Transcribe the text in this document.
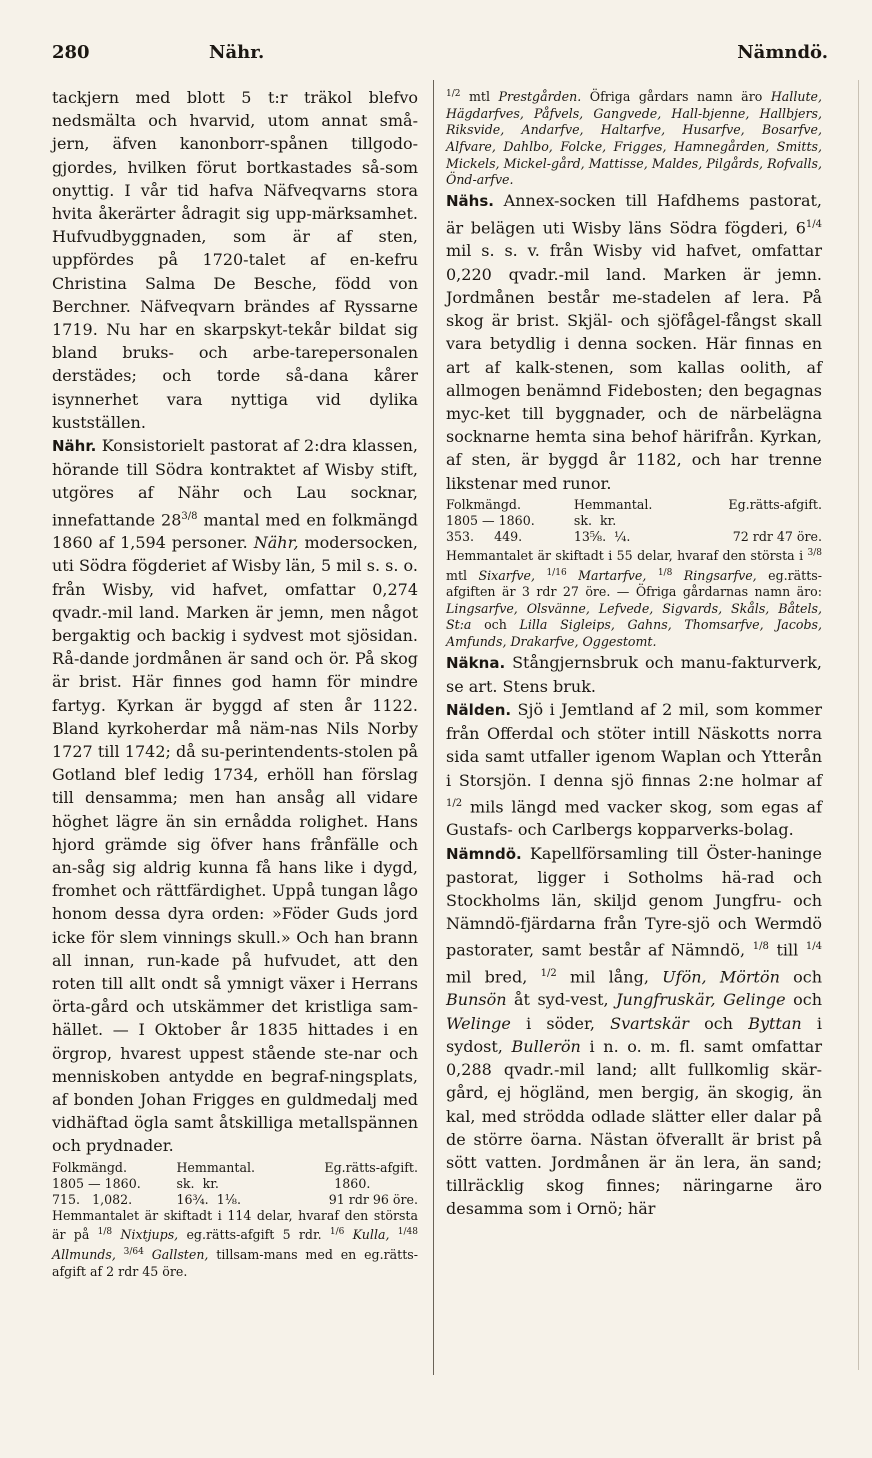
280	Nähr.	Nämndö.

tackjern med blott 5 t:r träkol blefvo nedsmälta och hvarvid, utom annat små-jern, äfven kanonborr-spånen tillgodo-gjordes, hvilken förut bortkastades så-som onyttig. I vår tid hafva Näfveqvarns stora hvita åkerärter ådragit sig upp-märksamhet. Hufvudbyggnaden, som är af sten, uppfördes på 1720-talet af en-kefru Christina Salma De Besche, född von Berchner. Näfveqvarn brändes af Ryssarne 1719. Nu har en skarpskyt-tekår bildat sig bland bruks- och arbe-tarepersonalen derstädes; och torde så-dana kårer isynnerhet vara nyttiga vid dylika kustställen.

Nähr. Konsistorielt pastorat af 2:dra klassen, hörande till Södra kontraktet af Wisby stift, utgöres af Nähr och Lau socknar, innefattande $28^{3/8}$ mantal med en folkmängd 1860 af 1,594 personer. Nähr, modersocken, uti Södra fögderiet af Wisby län, 5 mil s. s. o. från Wisby, vid hafvet, omfattar 0,274 qvadr.-mil land. Marken är jemn, men något bergaktig och backig i sydvest mot sjösidan. Rå-dande jordmånen är sand och ör. På skog är brist. Här finnes god hamn för mindre fartyg. Kyrkan är byggd af sten år 1122. Bland kyrkoherdar må näm-nas Nils Norby 1727 till 1742; då su-perintendents-stolen på Gotland blef ledig 1734, erhöll han förslag till densamma; men han ansåg all vidare höghet lägre än sin ernådda rolighet. Hans hjord grämde sig öfver hans frånfälle och an-såg sig aldrig kunna få hans like i dygd, fromhet och rättfärdighet. Uppå tungan lågo honom dessa dyra orden: »Föder Guds jord icke för slem vinnings skull.» Och han brann all innan, run-kade på hufvudet, att den roten till allt ondt så ymnigt växer i Herrans örta-gård och utskämmer det kristliga sam-hället. — I Oktober år 1835 hittades i en örgrop, hvarest uppest stående ste-nar och menniskoben antydde en begraf-ningsplats, af bonden Johan Frigges en guldmedalj med vidhäftad ögla samt åtskilliga metallspännen och prydnader.

Folkmängd.	Hemmantal.	Eg.rätts-afgift.
1805 — 1860.	sk. kr.	1860.
715. 1,082.	16¾. 1⅛.	91 rdr 96 öre.

Hemmantalet är skiftadt i 114 delar, hvaraf den största är på $^{1/8}$ Nixtjups, eg.rätts-afgift 5 rdr. $^{1/6}$ Kulla, $^{1/48}$ Allmunds, $^{3/64}$ Gallsten, tillsam-mans med en eg.rätts-afgift af 2 rdr 45 öre.

$^{1/2}$ mtl Prestgården. Öfriga gårdars namn äro Hallute, Hägdarfves, Påfvels, Gangvede, Hall-bjenne, Hallbjers, Riksvide, Andarfve, Haltarfve, Husarfve, Bosarfve, Alfvare, Dahlbo, Folcke, Frigges, Hamnegården, Smitts, Mickels, Mickel-gård, Mattisse, Maldes, Pilgårds, Rofvalls, Önd-arfve.

Nähs. Annex-socken till Hafdhems pastorat, är belägen uti Wisby läns Södra fögderi, $6^{1/4}$ mil s. s. v. från Wisby vid hafvet, omfattar 0,220 qvadr.-mil land. Marken är jemn. Jordmånen består me-stadelen af lera. På skog är brist. Skjäl- och sjöfågel-fångst skall vara betydlig i denna socken. Här finnas en art af kalk-stenen, som kallas oolith, af allmogen benämnd Fidebosten; den begagnas myc-ket till byggnader, och de närbelägna socknarne hemta sina behof härifrån. Kyrkan, af sten, är byggd år 1182, och har trenne likstenar med runor.

Folkmängd.	Hemmantal.	Eg.rätts-afgift.
1805 — 1860.	sk. kr.	
353. 449.	13⅝. ¼.	72 rdr 47 öre.

Hemmantalet är skiftadt i 55 delar, hvaraf den största i $^{3/8}$ mtl Sixarfve, $^{1/16}$ Martarfve, $^{1/8}$ Ringsarfve, eg.rätts-afgiften är 3 rdr 27 öre. — Öfriga gårdarnas namn äro: Lingsarfve, Olsvänne, Lefvede, Sigvards, Skåls, Båtels, St:a och Lilla Sigleips, Gahns, Thomsarfve, Jacobs, Amfunds, Drakarfve, Oggestomt.

Näkna. Stångjernsbruk och manu-fakturverk, se art. Stens bruk.

Nälden. Sjö i Jemtland af 2 mil, som kommer från Offerdal och stöter intill Näskotts norra sida samt utfaller igenom Waplan och Ytterån i Storsjön. I denna sjö finnas 2:ne holmar af $^{1/2}$ mils längd med vacker skog, som egas af Gustafs- och Carlbergs kopparverks-bolag.

Nämndö. Kapellförsamling till Öster-haninge pastorat, ligger i Sotholms hä-rad och Stockholms län, skiljd genom Jungfru- och Nämndö-fjärdarna från Tyre-sjö och Wermdö pastorater, samt består af Nämndö, $^{1/8}$ till $^{1/4}$ mil bred, $^{1/2}$ mil lång, Ufön, Mörtön och Bunsön åt syd-vest, Jungfruskär, Gelinge och Welinge i söder, Svartskär och Byttan i sydost, Bullerön i n. o. m. fl. samt omfattar 0,288 qvadr.-mil land; allt fullkomlig skär-gård, ej högländ, men bergig, än skogig, än kal, med strödda odlade slätter eller dalar på de större öarna. Nästan öfverallt är brist på sött vatten. Jordmånen är än lera, än sand; tillräcklig skog finnes; näringarne äro desamma som i Ornö; här
